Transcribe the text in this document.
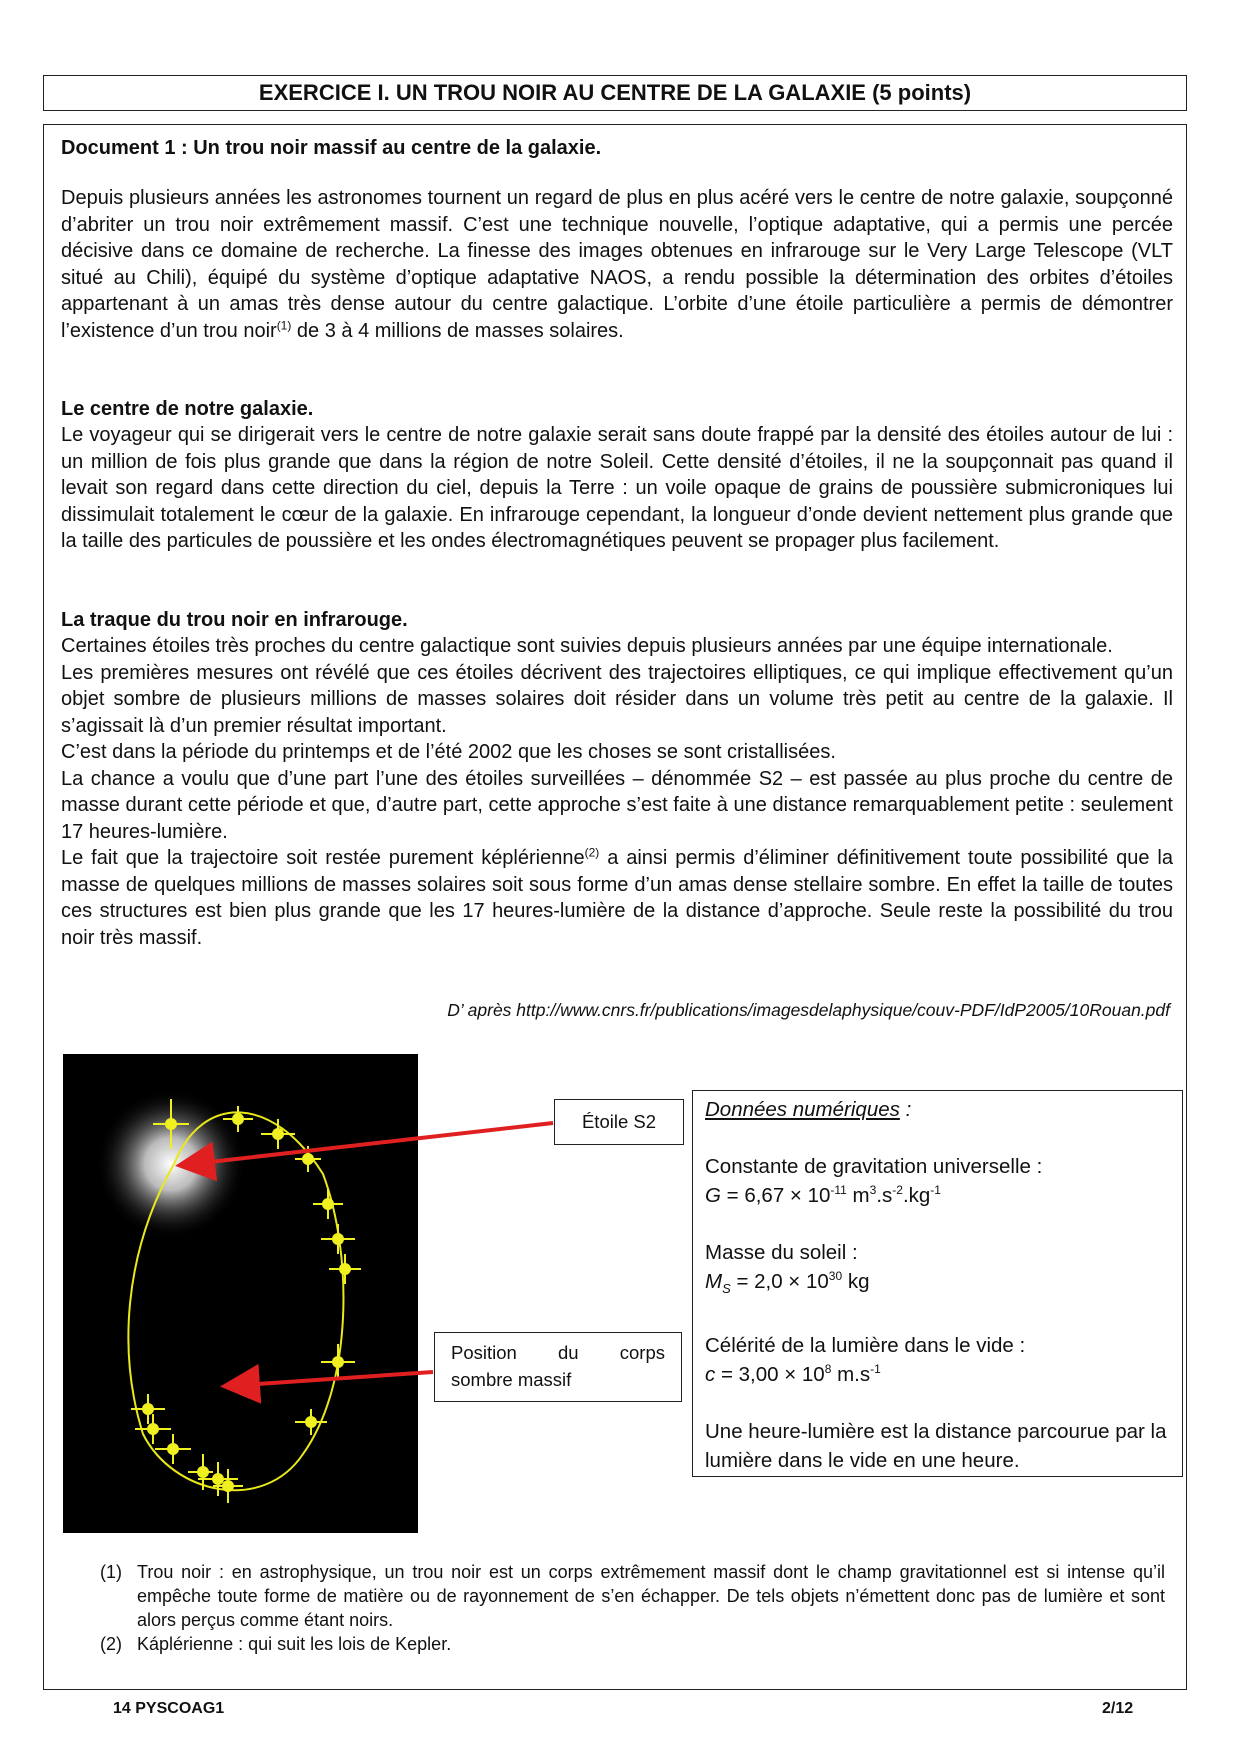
EXERCICE I. UN TROU NOIR AU CENTRE DE LA GALAXIE (5 points)
Document 1 : Un trou noir massif au centre de la galaxie.

Depuis plusieurs années les astronomes tournent un regard de plus en plus acéré vers le centre de notre galaxie, soupçonné d’abriter un trou noir extrêmement massif. C’est une technique nouvelle, l’optique adaptative, qui a permis une percée décisive dans ce domaine de recherche. La finesse des images obtenues en infrarouge sur le Very Large Telescope (VLT situé au Chili), équipé du système d’optique adaptative NAOS, a rendu possible la détermination des orbites d’étoiles appartenant à un amas très dense autour du centre galactique. L’orbite d’une étoile particulière a permis de démontrer l’existence d’un trou noir$^{(1)}$ de 3 à 4 millions de masses solaires.

Le centre de notre galaxie.

Le voyageur qui se dirigerait vers le centre de notre galaxie serait sans doute frappé par la densité des étoiles autour de lui : un million de fois plus grande que dans la région de notre Soleil. Cette densité d’étoiles, il ne la soupçonnait pas quand il levait son regard dans cette direction du ciel, depuis la Terre : un voile opaque de grains de poussière submicroniques lui dissimulait totalement le cœur de la galaxie. En infrarouge cependant, la longueur d’onde devient nettement plus grande que la taille des particules de poussière et les ondes électromagnétiques peuvent se propager plus facilement.

La traque du trou noir en infrarouge.

Certaines étoiles très proches du centre galactique sont suivies depuis plusieurs années par une équipe internationale.

Les premières mesures ont révélé que ces étoiles décrivent des trajectoires elliptiques, ce qui implique effectivement qu’un objet sombre de plusieurs millions de masses solaires doit résider dans un volume très petit au centre de la galaxie. Il s’agissait là d’un premier résultat important.

C’est dans la période du printemps et de l’été 2002 que les choses se sont cristallisées.

La chance a voulu que d’une part l’une des étoiles surveillées – dénommée S2 – est passée au plus proche du centre de masse durant cette période et que, d’autre part, cette approche s’est faite à une distance remarquablement petite : seulement 17 heures-lumière.

Le fait que la trajectoire soit restée purement képlérienne$^{(2)}$ a ainsi permis d’éliminer définitivement toute possibilité que la masse de quelques millions de masses solaires soit sous forme d’un amas dense stellaire sombre. En effet la taille de toutes ces structures est bien plus grande que les 17 heures-lumière de la distance d’approche. Seule reste la possibilité du trou noir très massif.

D’ après http://www.cnrs.fr/publications/imagesdelaphysique/couv-PDF/IdP2005/10Rouan.pdf
Étoile S2
Position du corps
sombre massif
Données numériques :
Constante de gravitation universelle :
$G = 6,67 \times 10^{-11}$ $m^3.s^{-2}.kg^{-1}$
Masse du soleil :
$M_S = 2,0 \times 10^{30}$ kg
Célérité de la lumière dans le vide :
$c = 3,00 \times 10^8$ $m.s^{-1}$
Une heure-lumière est la distance parcourue par la lumière dans le vide en une heure.
(1) Trou noir : en astrophysique, un trou noir est un corps extrêmement massif dont le champ gravitationnel est si intense qu’il empêche toute forme de matière ou de rayonnement de s’en échapper. De tels objets n’émettent donc pas de lumière et sont alors perçus comme étant noirs.
(2) Káplérienne : qui suit les lois de Kepler.
14 PYSCOAG1	2/12
